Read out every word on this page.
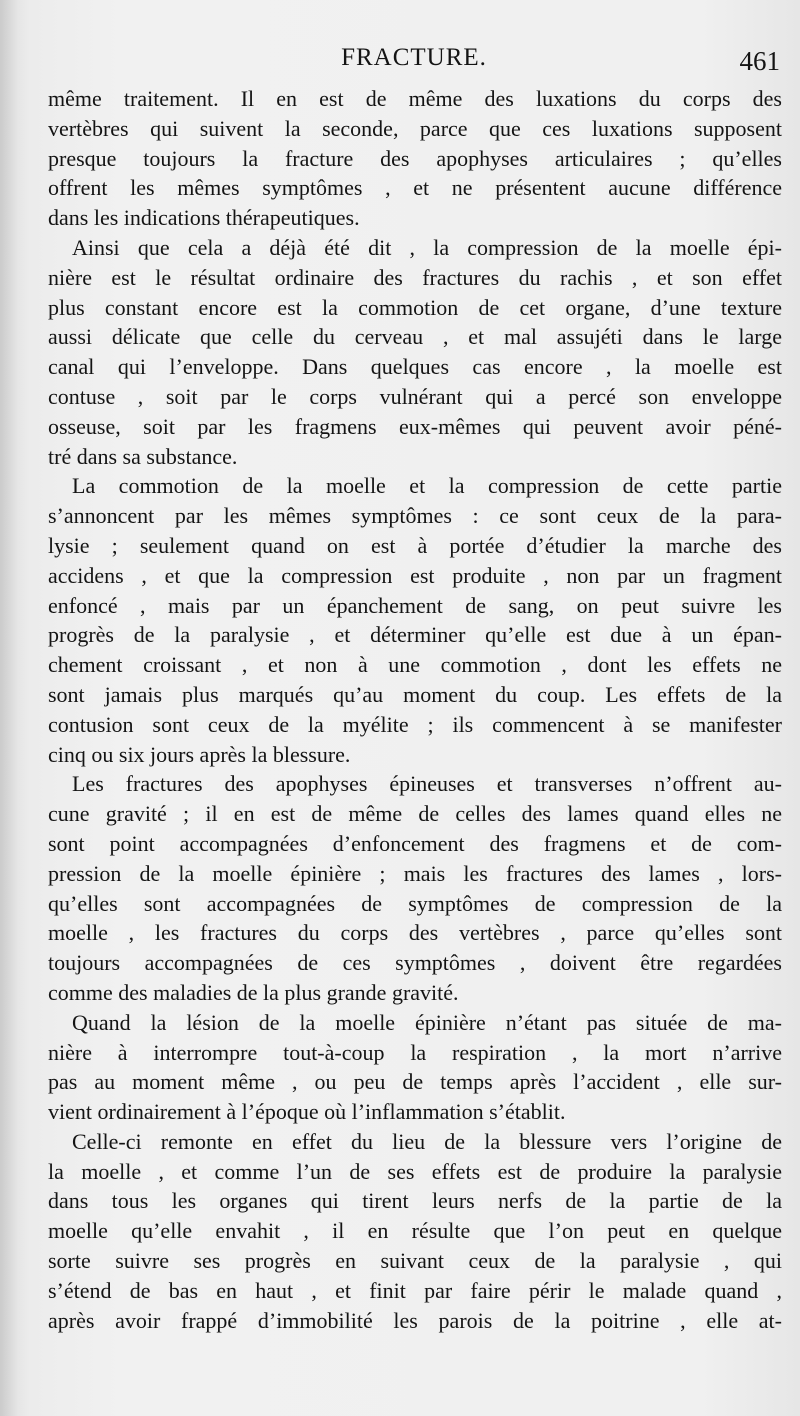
FRACTURE.	461
même traitement. Il en est de même des luxations du corps des
vertèbres qui suivent la seconde, parce que ces luxations supposent
presque toujours la fracture des apophyses articulaires ; qu’elles
offrent les mêmes symptômes , et ne présentent aucune différence
dans les indications thérapeutiques.
Ainsi que cela a déjà été dit , la compression de la moelle épi-
nière est le résultat ordinaire des fractures du rachis , et son effet
plus constant encore est la commotion de cet organe, d’une texture
aussi délicate que celle du cerveau , et mal assujéti dans le large
canal qui l’enveloppe. Dans quelques cas encore , la moelle est
contuse , soit par le corps vulnérant qui a percé son enveloppe
osseuse, soit par les fragmens eux-mêmes qui peuvent avoir péné-
tré dans sa substance.
La commotion de la moelle et la compression de cette partie
s’annoncent par les mêmes symptômes : ce sont ceux de la para-
lysie ; seulement quand on est à portée d’étudier la marche des
accidens , et que la compression est produite , non par un fragment
enfoncé , mais par un épanchement de sang, on peut suivre les
progrès de la paralysie , et déterminer qu’elle est due à un épan-
chement croissant , et non à une commotion , dont les effets ne
sont jamais plus marqués qu’au moment du coup. Les effets de la
contusion sont ceux de la myélite ; ils commencent à se manifester
cinq ou six jours après la blessure.
Les fractures des apophyses épineuses et transverses n’offrent au-
cune gravité ; il en est de même de celles des lames quand elles ne
sont point accompagnées d’enfoncement des fragmens et de com-
pression de la moelle épinière ; mais les fractures des lames , lors-
qu’elles sont accompagnées de symptômes de compression de la
moelle , les fractures du corps des vertèbres , parce qu’elles sont
toujours accompagnées de ces symptômes , doivent être regardées
comme des maladies de la plus grande gravité.
Quand la lésion de la moelle épinière n’étant pas située de ma-
nière à interrompre tout-à-coup la respiration , la mort n’arrive
pas au moment même , ou peu de temps après l’accident , elle sur-
vient ordinairement à l’époque où l’inflammation s’établit.
Celle-ci remonte en effet du lieu de la blessure vers l’origine de
la moelle , et comme l’un de ses effets est de produire la paralysie
dans tous les organes qui tirent leurs nerfs de la partie de la
moelle qu’elle envahit , il en résulte que l’on peut en quelque
sorte suivre ses progrès en suivant ceux de la paralysie , qui
s’étend de bas en haut , et finit par faire périr le malade quand ,
après avoir frappé d’immobilité les parois de la poitrine , elle at-
